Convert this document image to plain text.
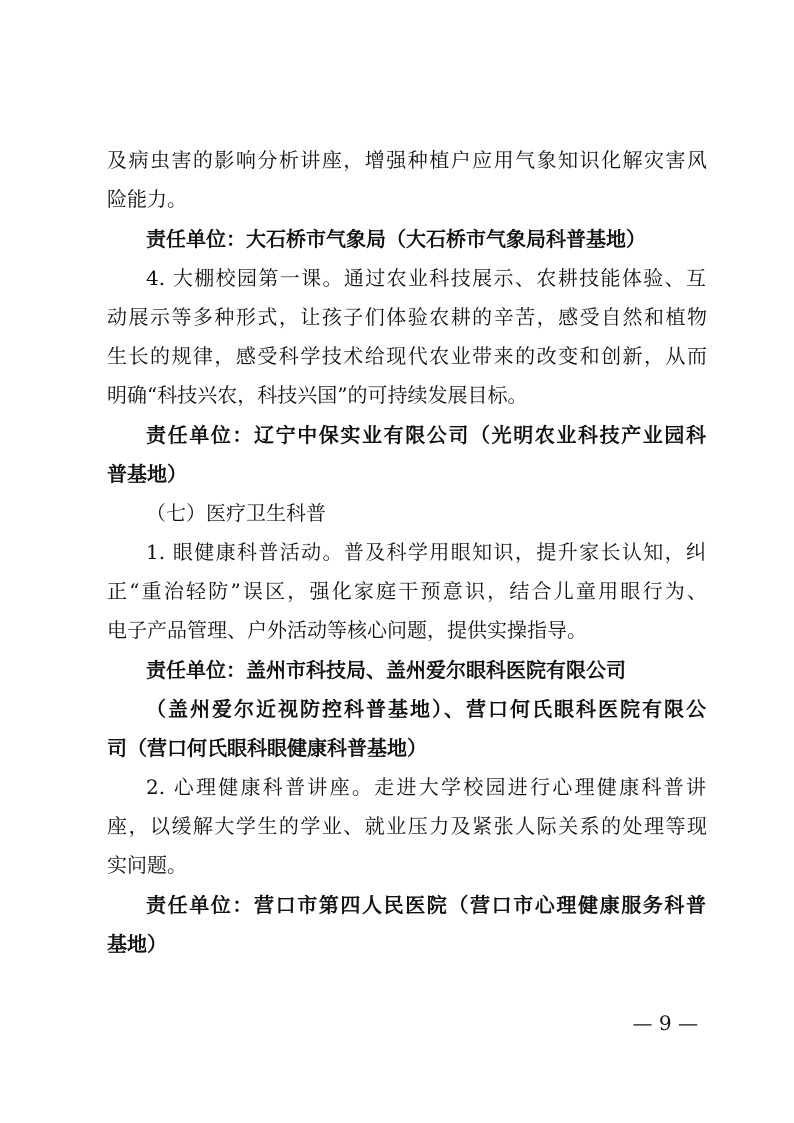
及病虫害的影响分析讲座，增强种植户应用气象知识化解灾害风
险能力。
责任单位：大石桥市气象局（大石桥市气象局科普基地）
4. 大棚校园第一课。通过农业科技展示、农耕技能体验、互
动展示等多种形式，让孩子们体验农耕的辛苦，感受自然和植物
生长的规律，感受科学技术给现代农业带来的改变和创新，从而
明确“科技兴农，科技兴国”的可持续发展目标。
责任单位：辽宁中保实业有限公司（光明农业科技产业园科
普基地）
（七）医疗卫生科普
1. 眼健康科普活动。普及科学用眼知识，提升家长认知，纠
正“重治轻防”误区，强化家庭干预意识，结合儿童用眼行为、
电子产品管理、户外活动等核心问题，提供实操指导。
责任单位：盖州市科技局、盖州爱尔眼科医院有限公司
（盖州爱尔近视防控科普基地）、营口何氏眼科医院有限公
司（营口何氏眼科眼健康科普基地）
2. 心理健康科普讲座。走进大学校园进行心理健康科普讲
座，以缓解大学生的学业、就业压力及紧张人际关系的处理等现
实问题。
责任单位：营口市第四人民医院（营口市心理健康服务科普
基地）
— 9 —
